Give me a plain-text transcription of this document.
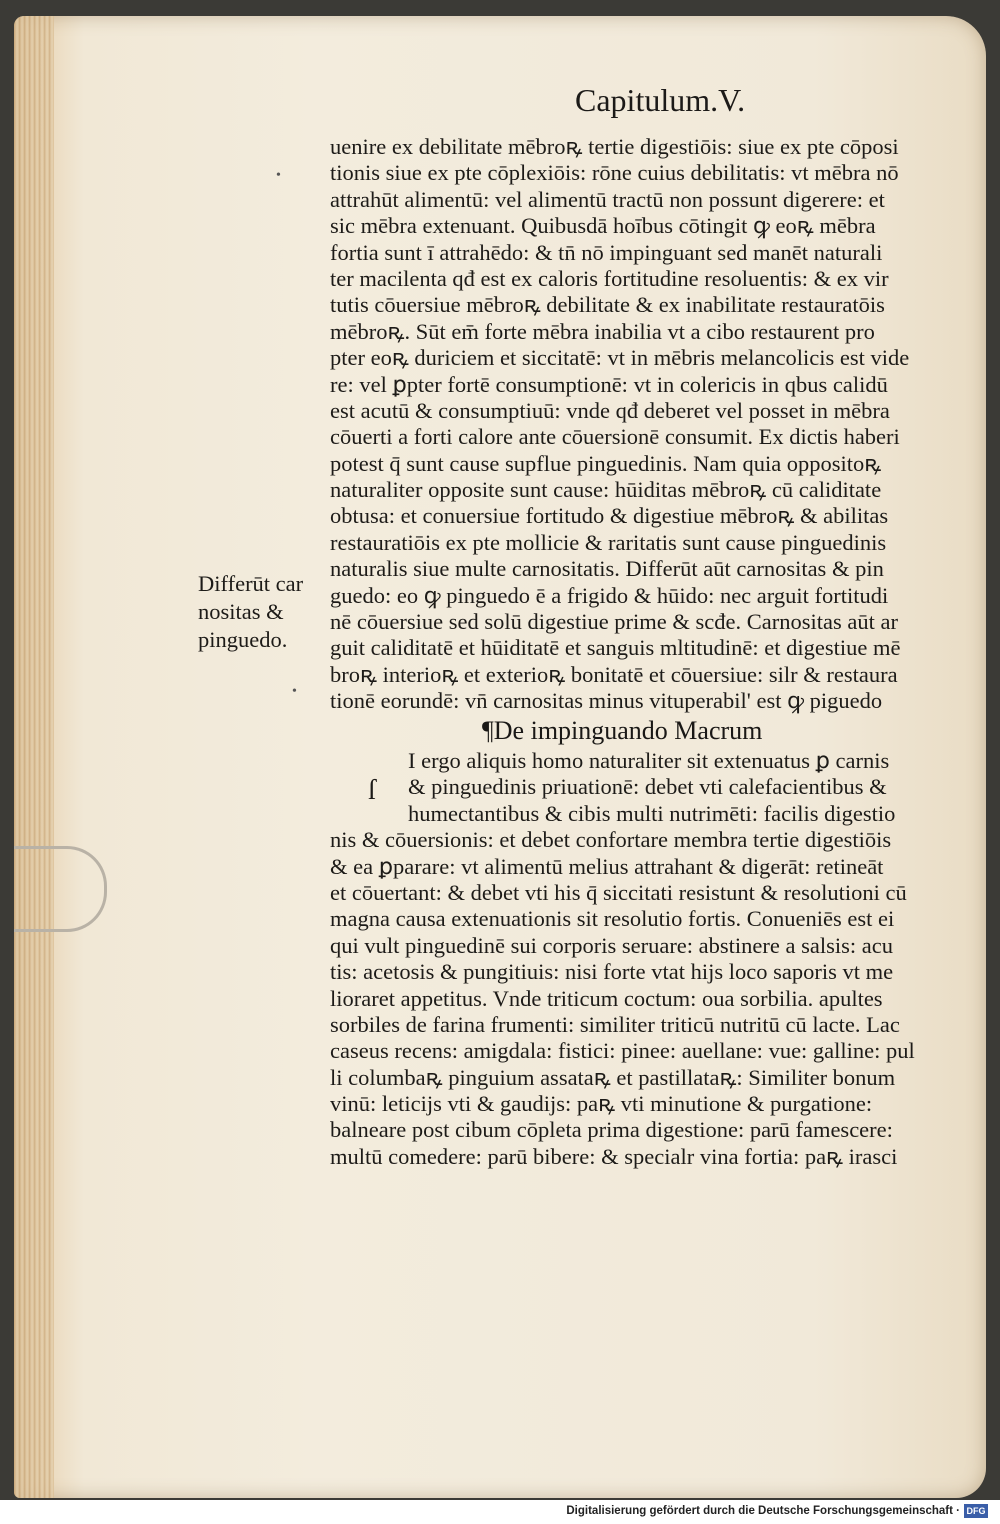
Capitulum.V.
uenire ex debilitate mēbroꝶ tertie digestiōis: siue ex pte cōposi
tionis siue ex pte cōplexiōis: rōne cuius debilitatis: vt mēbra nō
attrahūt alimentū: vel alimentū tractū non possunt digerere: et
sic mēbra extenuant. Quibusdā hoībus cōtingit ꝙ eoꝶ mēbra
fortia sunt ī attrahēdo: & tn̄ nō impinguant sed manēt naturali
ter macilenta qđ est ex caloris fortitudine resoluentis: & ex vir
tutis cōuersiue mēbroꝶ debilitate & ex inabilitate restauratōis
mēbroꝶ. Sūt em̄ forte mēbra inabilia vt a cibo restaurent pro
pter eoꝶ duriciem et siccitatē: vt in mēbris melancolicis est vide
re: vel ꝑpter fortē consumptionē: vt in colericis in qbus calidū
est acutū & consumptiuū: vnde qđ deberet vel posset in mēbra
cōuerti a forti calore ante cōuersionē consumit. Ex dictis haberi
potest q̄ sunt cause supflue pinguedinis. Nam quia oppositoꝶ
naturaliter opposite sunt cause: hūiditas mēbroꝶ cū caliditate
obtusa: et conuersiue fortitudo & digestiue mēbroꝶ & abilitas
restauratiōis ex pte mollicie & raritatis sunt cause pinguedinis
naturalis siue multe carnositatis. Differūt aūt carnositas & pin
guedo: eo ꝙ pinguedo ē a frigido & hūido: nec arguit fortitudi
nē cōuersiue sed solū digestiue prime & scđe. Carnositas aūt ar
guit caliditatē et hūiditatē et sanguis mltitudinē: et digestiue mē
broꝶ interioꝶ et exterioꝶ bonitatē et cōuersiue: silr & restaura
tionē eorundē: vn̄ carnositas minus vituperabil' est ꝙ piguedo
Differūt car
nositas &
pinguedo.
¶De impinguando Macrum
ſ
I ergo aliquis homo naturaliter sit extenuatus ꝑ carnis
& pinguedinis priuationē: debet vti calefacientibus &
humectantibus & cibis multi nutrimēti: facilis digestio
nis & cōuersionis: et debet confortare membra tertie digestiōis
& ea ꝑparare: vt alimentū melius attrahant & digerāt: retineāt
et cōuertant: & debet vti his q̄ siccitati resistunt & resolutioni cū
magna causa extenuationis sit resolutio fortis. Conueniēs est ei
qui vult pinguedinē sui corporis seruare: abstinere a salsis: acu
tis: acetosis & pungitiuis: nisi forte vtat hijs loco saporis vt me
lioraret appetitus. Vnde triticum coctum: oua sorbilia. apultes
sorbiles de farina frumenti: similiter triticū nutritū cū lacte. Lac
caseus recens: amigdala: fistici: pinee: auellane: vue: galline: pul
li columbaꝶ pinguium assataꝶ et pastillataꝶ: Similiter bonum
vinū: leticijs vti & gaudijs: paꝶ vti minutione & purgatione:
balneare post cibum cōpleta prima digestione: parū famescere:
multū comedere: parū bibere: & specialr vina fortia: paꝶ irasci
•
•
Digitalisierung gefördert durch die Deutsche Forschungsgemeinschaft · DFG
